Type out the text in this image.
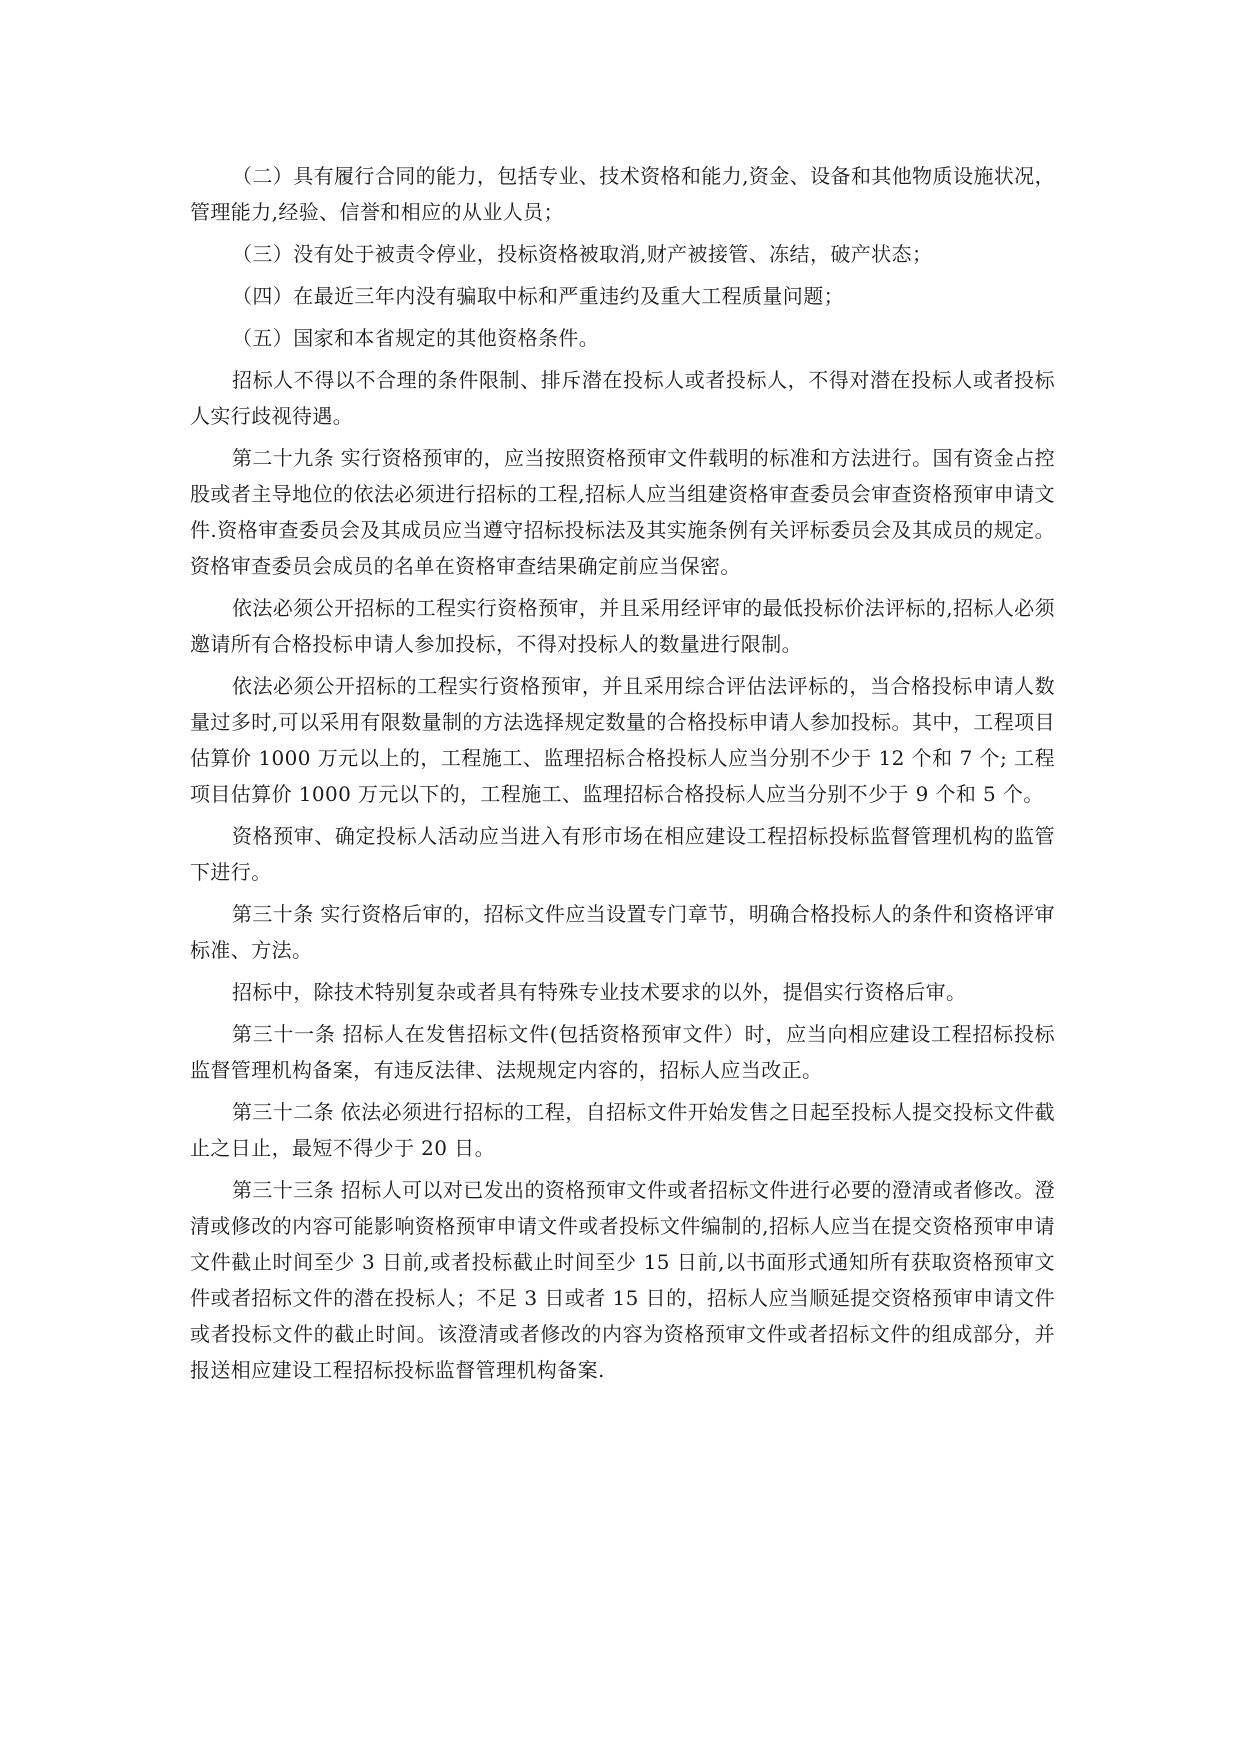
（二）具有履行合同的能力，包括专业、技术资格和能力,资金、设备和其他物质设施状况，管理能力,经验、信誉和相应的从业人员；

（三）没有处于被责令停业，投标资格被取消,财产被接管、冻结，破产状态；

（四）在最近三年内没有骗取中标和严重违约及重大工程质量问题；

（五）国家和本省规定的其他资格条件。

招标人不得以不合理的条件限制、排斥潜在投标人或者投标人，不得对潜在投标人或者投标人实行歧视待遇。

第二十九条 实行资格预审的，应当按照资格预审文件载明的标准和方法进行。国有资金占控股或者主导地位的依法必须进行招标的工程,招标人应当组建资格审查委员会审查资格预审申请文件.资格审查委员会及其成员应当遵守招标投标法及其实施条例有关评标委员会及其成员的规定。资格审查委员会成员的名单在资格审查结果确定前应当保密。

依法必须公开招标的工程实行资格预审，并且采用经评审的最低投标价法评标的,招标人必须邀请所有合格投标申请人参加投标，不得对投标人的数量进行限制。

依法必须公开招标的工程实行资格预审，并且采用综合评估法评标的，当合格投标申请人数量过多时,可以采用有限数量制的方法选择规定数量的合格投标申请人参加投标。其中，工程项目估算价 1000 万元以上的，工程施工、监理招标合格投标人应当分别不少于 12 个和 7 个; 工程项目估算价 1000 万元以下的，工程施工、监理招标合格投标人应当分别不少于 9 个和 5 个。

资格预审、确定投标人活动应当进入有形市场在相应建设工程招标投标监督管理机构的监管下进行。

第三十条 实行资格后审的，招标文件应当设置专门章节，明确合格投标人的条件和资格评审标准、方法。

招标中，除技术特别复杂或者具有特殊专业技术要求的以外，提倡实行资格后审。

第三十一条 招标人在发售招标文件(包括资格预审文件）时，应当向相应建设工程招标投标监督管理机构备案，有违反法律、法规规定内容的，招标人应当改正。

第三十二条 依法必须进行招标的工程，自招标文件开始发售之日起至投标人提交投标文件截止之日止，最短不得少于 20 日。

第三十三条 招标人可以对已发出的资格预审文件或者招标文件进行必要的澄清或者修改。澄清或修改的内容可能影响资格预审申请文件或者投标文件编制的,招标人应当在提交资格预审申请文件截止时间至少 3 日前,或者投标截止时间至少 15 日前,以书面形式通知所有获取资格预审文件或者招标文件的潜在投标人；不足 3 日或者 15 日的，招标人应当顺延提交资格预审申请文件或者投标文件的截止时间。该澄清或者修改的内容为资格预审文件或者招标文件的组成部分，并报送相应建设工程招标投标监督管理机构备案.
